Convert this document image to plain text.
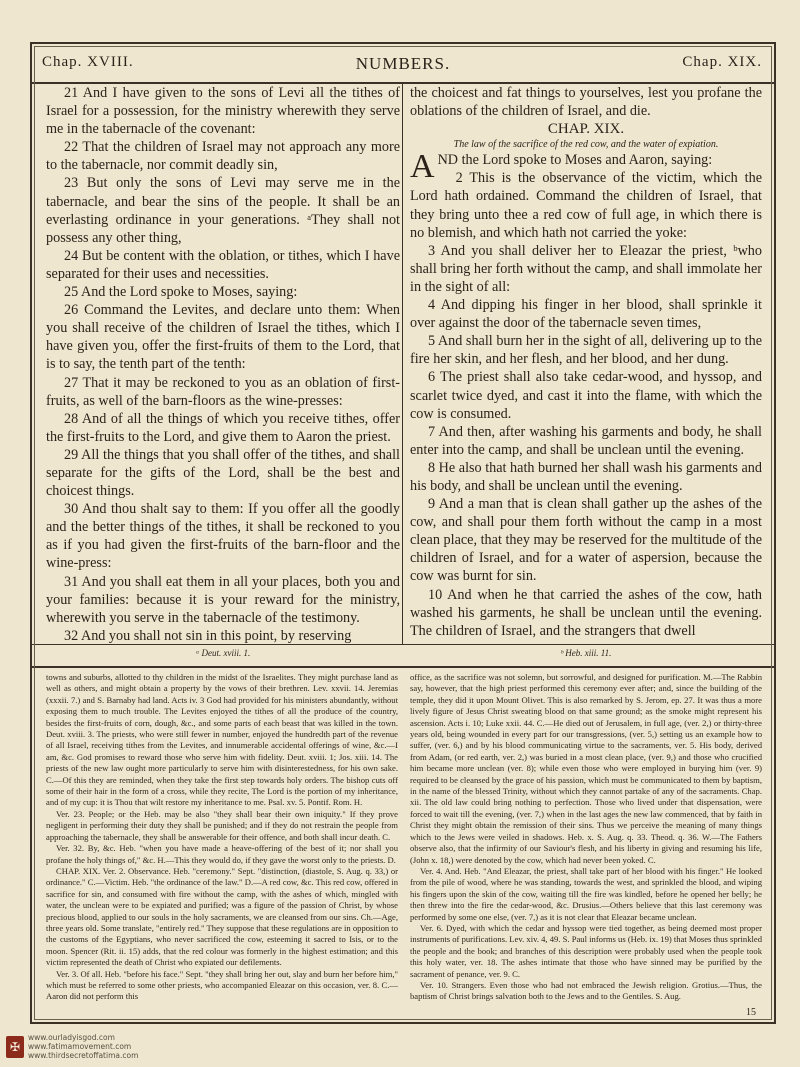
Chap. XVIII.	NUMBERS.	Chap. XIX.

21 And I have given to the sons of Levi all the tithes of Israel for a possession, for the ministry wherewith they serve me in the tabernacle of the covenant:

22 That the children of Israel may not approach any more to the tabernacle, nor commit deadly sin,

23 But only the sons of Levi may serve me in the tabernacle, and bear the sins of the people. It shall be an everlasting ordinance in your generations. ᵃThey shall not possess any other thing,

24 But be content with the oblation, or tithes, which I have separated for their uses and necessities.

25 And the Lord spoke to Moses, saying:

26 Command the Levites, and declare unto them: When you shall receive of the children of Israel the tithes, which I have given you, offer the first-fruits of them to the Lord, that is to say, the tenth part of the tenth:

27 That it may be reckoned to you as an oblation of first-fruits, as well of the barn-floors as the wine-presses:

28 And of all the things of which you receive tithes, offer the first-fruits to the Lord, and give them to Aaron the priest.

29 All the things that you shall offer of the tithes, and shall separate for the gifts of the Lord, shall be the best and choicest things.

30 And thou shalt say to them: If you offer all the goodly and the better things of the tithes, it shall be reckoned to you as if you had given the first-fruits of the barn-floor and the wine-press:

31 And you shall eat them in all your places, both you and your families: because it is your reward for the ministry, wherewith you serve in the tabernacle of the testimony.

32 And you shall not sin in this point, by reserving

the choicest and fat things to yourselves, lest you profane the oblations of the children of Israel, and die.

CHAP. XIX.

The law of the sacrifice of the red cow, and the water of expiation.

AND the Lord spoke to Moses and Aaron, saying:

2 This is the observance of the victim, which the Lord hath ordained. Command the children of Israel, that they bring unto thee a red cow of full age, in which there is no blemish, and which hath not carried the yoke:

3 And you shall deliver her to Eleazar the priest, ᵇwho shall bring her forth without the camp, and shall immolate her in the sight of all:

4 And dipping his finger in her blood, shall sprinkle it over against the door of the tabernacle seven times,

5 And shall burn her in the sight of all, delivering up to the fire her skin, and her flesh, and her blood, and her dung.

6 The priest shall also take cedar-wood, and hyssop, and scarlet twice dyed, and cast it into the flame, with which the cow is consumed.

7 And then, after washing his garments and body, he shall enter into the camp, and shall be unclean until the evening.

8 He also that hath burned her shall wash his garments and his body, and shall be unclean until the evening.

9 And a man that is clean shall gather up the ashes of the cow, and shall pour them forth without the camp in a most clean place, that they may be reserved for the multitude of the children of Israel, and for a water of aspersion, because the cow was burnt for sin.

10 And when he that carried the ashes of the cow, hath washed his garments, he shall be unclean until the evening. The children of Israel, and the strangers that dwell

ᵃ Deut. xviii. 1.	ᵇ Heb. xiii. 11.

towns and suburbs, allotted to thy children in the midst of the Israelites. They might purchase land as well as others, and might obtain a property by the vows of their brethren. Lev. xxvii. 14. Jeremias (xxxii. 7.) and S. Barnaby had land. Acts iv. 3 God had provided for his ministers abundantly, without exposing them to much trouble. The Levites enjoyed the tithes of all the produce of the country, besides the first-fruits of corn, dough, &c., and some parts of each beast that was killed in the town. Deut. xviii. 3. The priests, who were still fewer in number, enjoyed the hundredth part of the revenue of all Israel, receiving tithes from the Levites, and innumerable accidental offerings of wine, &c.—I am, &c. God promises to reward those who serve him with fidelity. Deut. xviii. 1; Jos. xiii. 14. The priests of the new law ought more particularly to serve him with disinterestedness, for his own sake. C.—Of this they are reminded, when they take the first step towards holy orders. The bishop cuts off some of their hair in the form of a cross, while they recite, The Lord is the portion of my inheritance, and of my cup: it is Thou that wilt restore my inheritance to me. Psal. xv. 5. Pontif. Rom. H.

Ver. 23. People; or the Heb. may be also "they shall bear their own iniquity." If they prove negligent in performing their duty they shall be punished; and if they do not restrain the people from approaching the tabernacle, they shall be answerable for their offence, and both shall incur death. C.

Ver. 32. By, &c. Heb. "when you have made a heave-offering of the best of it; nor shall you profane the holy things of," &c. H.—This they would do, if they gave the worst only to the priests. D.

CHAP. XIX. Ver. 2. Observance. Heb. "ceremony." Sept. "distinction, (diastole, S. Aug. q. 33,) or ordinance." C.—Victim. Heb. "the ordinance of the law." D.—A red cow, &c. This red cow, offered in sacrifice for sin, and consumed with fire without the camp, with the ashes of which, mingled with water, the unclean were to be expiated and purified; was a figure of the passion of Christ, by whose precious blood, applied to our souls in the holy sacraments, we are cleansed from our sins. Ch.—Age, three years old. Some translate, "entirely red." They suppose that these regulations are in opposition to the customs of the Egyptians, who never sacrificed the cow, esteeming it sacred to Isis, or to the moon. Spencer (Rit. ii. 15) adds, that the red colour was formerly in the highest estimation; and this victim represented the death of Christ who expiated our defilements.

Ver. 3. Of all. Heb. "before his face." Sept. "they shall bring her out, slay and burn her before him," which must be referred to some other priests, who accompanied Eleazar on this occasion, ver. 8. C.—Aaron did not perform this

office, as the sacrifice was not solemn, but sorrowful, and designed for purification. M.—The Rabbin say, however, that the high priest performed this ceremony ever after; and, since the building of the temple, they did it upon Mount Olivet. This is also remarked by S. Jerom, ep. 27. It was thus a more lively figure of Jesus Christ sweating blood on that same ground; as the smoke might represent his ascension. Acts i. 10; Luke xxii. 44. C.—He died out of Jerusalem, in full age, (ver. 2,) or thirty-three years old, being wounded in every part for our transgressions, (ver. 5,) setting us an example how to suffer, (ver. 6,) and by his blood communicating virtue to the sacraments, ver. 5. His body, derived from Adam, (or red earth, ver. 2,) was buried in a most clean place, (ver. 9,) and those who crucified him became more unclean (ver. 8); while even those who were employed in burying him (ver. 9) required to be cleansed by the grace of his passion, which must be communicated to them by baptism, in the name of the blessed Trinity, without which they cannot partake of any of the sacraments. Chap. xii. The old law could bring nothing to perfection. Those who lived under that dispensation, were forced to wait till the evening, (ver. 7,) when in the last ages the new law commenced, that by faith in Christ they might obtain the remission of their sins. Thus we perceive the meaning of many things which to the Jews were veiled in shadows. Heb. x. S. Aug. q. 33. Theod. q. 36. W.—The Fathers observe also, that the infirmity of our Saviour's flesh, and his liberty in giving and resuming his life, (John x. 18,) were denoted by the cow, which had never been yoked. C.

Ver. 4. And. Heb. "And Eleazar, the priest, shall take part of her blood with his finger." He looked from the pile of wood, where he was standing, towards the west, and sprinkled the blood, and wiping his fingers upon the skin of the cow, waiting till the fire was kindled, before he opened her belly; he then threw into the fire the cedar-wood, &c. Drusius.—Others believe that this last ceremony was performed by some one else, (ver. 7,) as it is not clear that Eleazar became unclean.

Ver. 6. Dyed, with which the cedar and hyssop were tied together, as being deemed most proper instruments of purifications. Lev. xiv. 4, 49. S. Paul informs us (Heb. ix. 19) that Moses thus sprinkled the people and the book; and branches of this description were probably used when the people took this holy water, ver. 18. The ashes intimate that those who have sinned may be purified by the sacrament of penance, ver. 9. C.

Ver. 10. Strangers. Even those who had not embraced the Jewish religion. Grotius.—Thus, the baptism of Christ brings salvation both to the Jews and to the Gentiles. S. Aug.

15
✠
www.ourladyisgod.com
www.fatimamovement.com
www.thirdsecretoffatima.com
